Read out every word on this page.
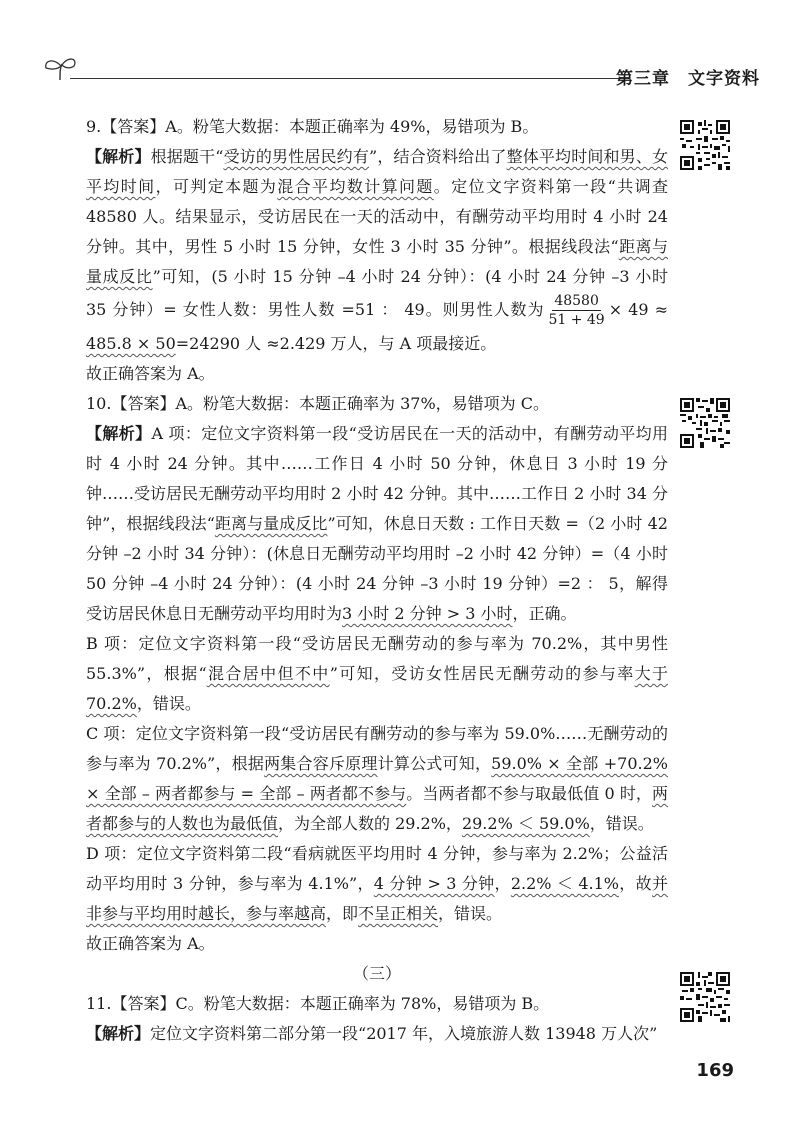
第三章　文字资料

9.【答案】A。粉笔大数据：本题正确率为 49%，易错项为 B。

【解析】根据题干“受访的男性居民约有”，结合资料给出了整体平均时间和男、女平均时间，可判定本题为混合平均数计算问题。定位文字资料第一段“共调查 48580 人。结果显示，受访居民在一天的活动中，有酬劳动平均用时 4 小时 24 分钟。其中，男性 5 小时 15 分钟，女性 3 小时 35 分钟”。根据线段法“距离与量成反比”可知，(5 小时 15 分钟 –4 小时 24 分钟）：(4 小时 24 分钟 –3 小时 35 分钟）= 女性人数：男性人数 =51 ： 49。则男性人数为 $\frac{48580}{51 + 49} \times 49 \approx 485.8 \times 50=24290$ 人 ≈2.429 万人，与 A 项最接近。

故正确答案为 A。

10.【答案】A。粉笔大数据：本题正确率为 37%，易错项为 C。

【解析】A 项：定位文字资料第一段“受访居民在一天的活动中，有酬劳动平均用时 4 小时 24 分钟。其中……工作日 4 小时 50 分钟，休息日 3 小时 19 分钟……受访居民无酬劳动平均用时 2 小时 42 分钟。其中……工作日 2 小时 34 分钟”，根据线段法“距离与量成反比”可知，休息日天数 : 工作日天数 =（2 小时 42 分钟 –2 小时 34 分钟）：(休息日无酬劳动平均用时 –2 小时 42 分钟）=（4 小时 50 分钟 –4 小时 24 分钟）：(4 小时 24 分钟 –3 小时 19 分钟）=2 ： 5，解得受访居民休息日无酬劳动平均用时为3 小时 2 分钟 > 3 小时，正确。

B 项：定位文字资料第一段“受访居民无酬劳动的参与率为 70.2%，其中男性 55.3%”，根据“混合居中但不中”可知，受访女性居民无酬劳动的参与率大于 70.2%，错误。

C 项：定位文字资料第一段“受访居民有酬劳动的参与率为 59.0%……无酬劳动的参与率为 70.2%”，根据两集合容斥原理计算公式可知，59.0% × 全部 +70.2% × 全部 – 两者都参与 = 全部 – 两者都不参与。当两者都不参与取最低值 0 时，两者都参与的人数也为最低值，为全部人数的 29.2%，29.2% ＜ 59.0%，错误。

D 项：定位文字资料第二段“看病就医平均用时 4 分钟，参与率为 2.2%；公益活动平均用时 3 分钟，参与率为 4.1%”，4 分钟 > 3 分钟，2.2% ＜ 4.1%，故并非参与平均用时越长，参与率越高，即不呈正相关，错误。

故正确答案为 A。

（三）

11.【答案】C。粉笔大数据：本题正确率为 78%，易错项为 B。

【解析】定位文字资料第二部分第一段“2017 年，入境旅游人数 13948 万人次”

169
